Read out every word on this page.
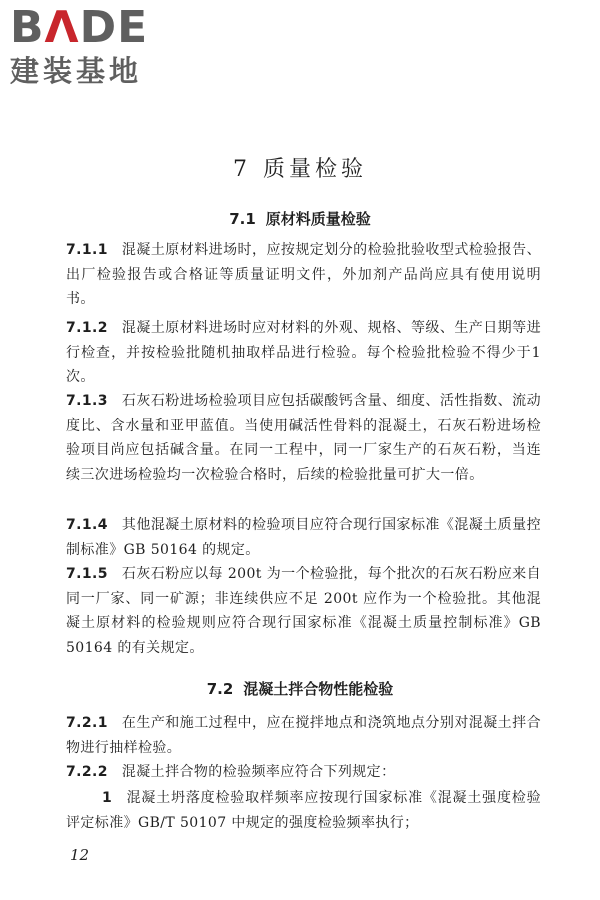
BΛDE
建装基地
7 质量检验
7.1 原材料质量检验
7.1.1 混凝土原材料进场时，应按规定划分的检验批验收型式检验报告、出厂检验报告或合格证等质量证明文件，外加剂产品尚应具有使用说明书。
7.1.2 混凝土原材料进场时应对材料的外观、规格、等级、生产日期等进行检查，并按检验批随机抽取样品进行检验。每个检验批检验不得少于1次。
7.1.3 石灰石粉进场检验项目应包括碳酸钙含量、细度、活性指数、流动度比、含水量和亚甲蓝值。当使用碱活性骨料的混凝土，石灰石粉进场检验项目尚应包括碱含量。在同一工程中，同一厂家生产的石灰石粉，当连续三次进场检验均一次检验合格时，后续的检验批量可扩大一倍。
7.1.4 其他混凝土原材料的检验项目应符合现行国家标准《混凝土质量控制标准》GB 50164 的规定。
7.1.5 石灰石粉应以每 200t 为一个检验批，每个批次的石灰石粉应来自同一厂家、同一矿源；非连续供应不足 200t 应作为一个检验批。其他混凝土原材料的检验规则应符合现行国家标准《混凝土质量控制标准》GB 50164 的有关规定。
7.2 混凝土拌合物性能检验
7.2.1 在生产和施工过程中，应在搅拌地点和浇筑地点分别对混凝土拌合物进行抽样检验。
7.2.2 混凝土拌合物的检验频率应符合下列规定：
1 混凝土坍落度检验取样频率应按现行国家标准《混凝土强度检验评定标准》GB/T 50107 中规定的强度检验频率执行；
12
